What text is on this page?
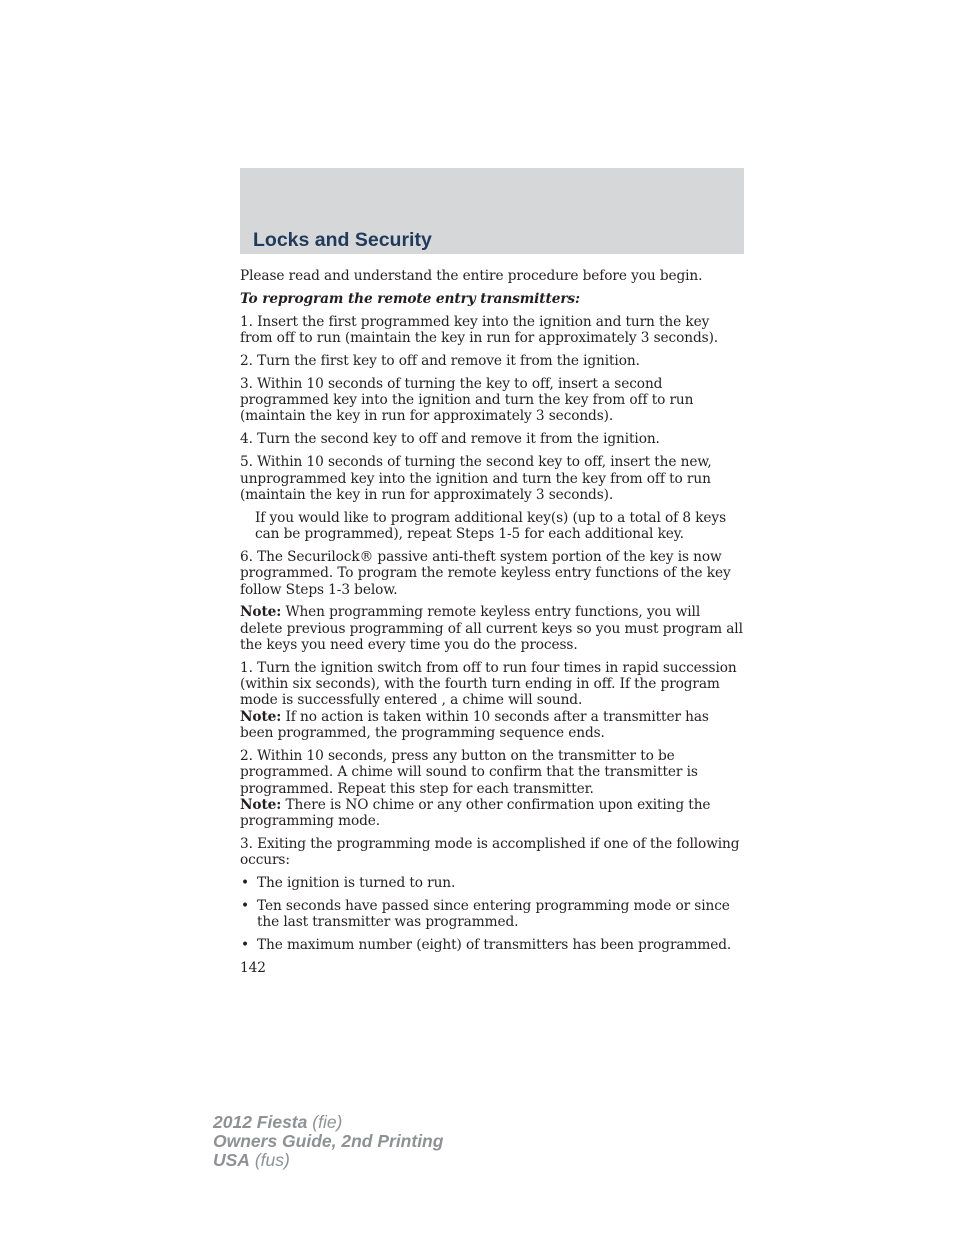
Locks and Security

Please read and understand the entire procedure before you begin.

To reprogram the remote entry transmitters:

1. Insert the first programmed key into the ignition and turn the key from off to run (maintain the key in run for approximately 3 seconds).

2. Turn the first key to off and remove it from the ignition.

3. Within 10 seconds of turning the key to off, insert a second programmed key into the ignition and turn the key from off to run (maintain the key in run for approximately 3 seconds).

4. Turn the second key to off and remove it from the ignition.

5. Within 10 seconds of turning the second key to off, insert the new, unprogrammed key into the ignition and turn the key from off to run (maintain the key in run for approximately 3 seconds).

If you would like to program additional key(s) (up to a total of 8 keys can be programmed), repeat Steps 1-5 for each additional key.

6. The Securilock® passive anti-theft system portion of the key is now programmed. To program the remote keyless entry functions of the key follow Steps 1-3 below.

Note: When programming remote keyless entry functions, you will delete previous programming of all current keys so you must program all the keys you need every time you do the process.

1. Turn the ignition switch from off to run four times in rapid succession (within six seconds), with the fourth turn ending in off. If the program mode is successfully entered , a chime will sound.

Note: If no action is taken within 10 seconds after a transmitter has been programmed, the programming sequence ends.

2. Within 10 seconds, press any button on the transmitter to be programmed. A chime will sound to confirm that the transmitter is programmed. Repeat this step for each transmitter.

Note: There is NO chime or any other confirmation upon exiting the programming mode.

3. Exiting the programming mode is accomplished if one of the following occurs:

• The ignition is turned to run.
• Ten seconds have passed since entering programming mode or since the last transmitter was programmed.
• The maximum number (eight) of transmitters has been programmed.
142
2012 Fiesta (fie)
Owners Guide, 2nd Printing
USA (fus)
